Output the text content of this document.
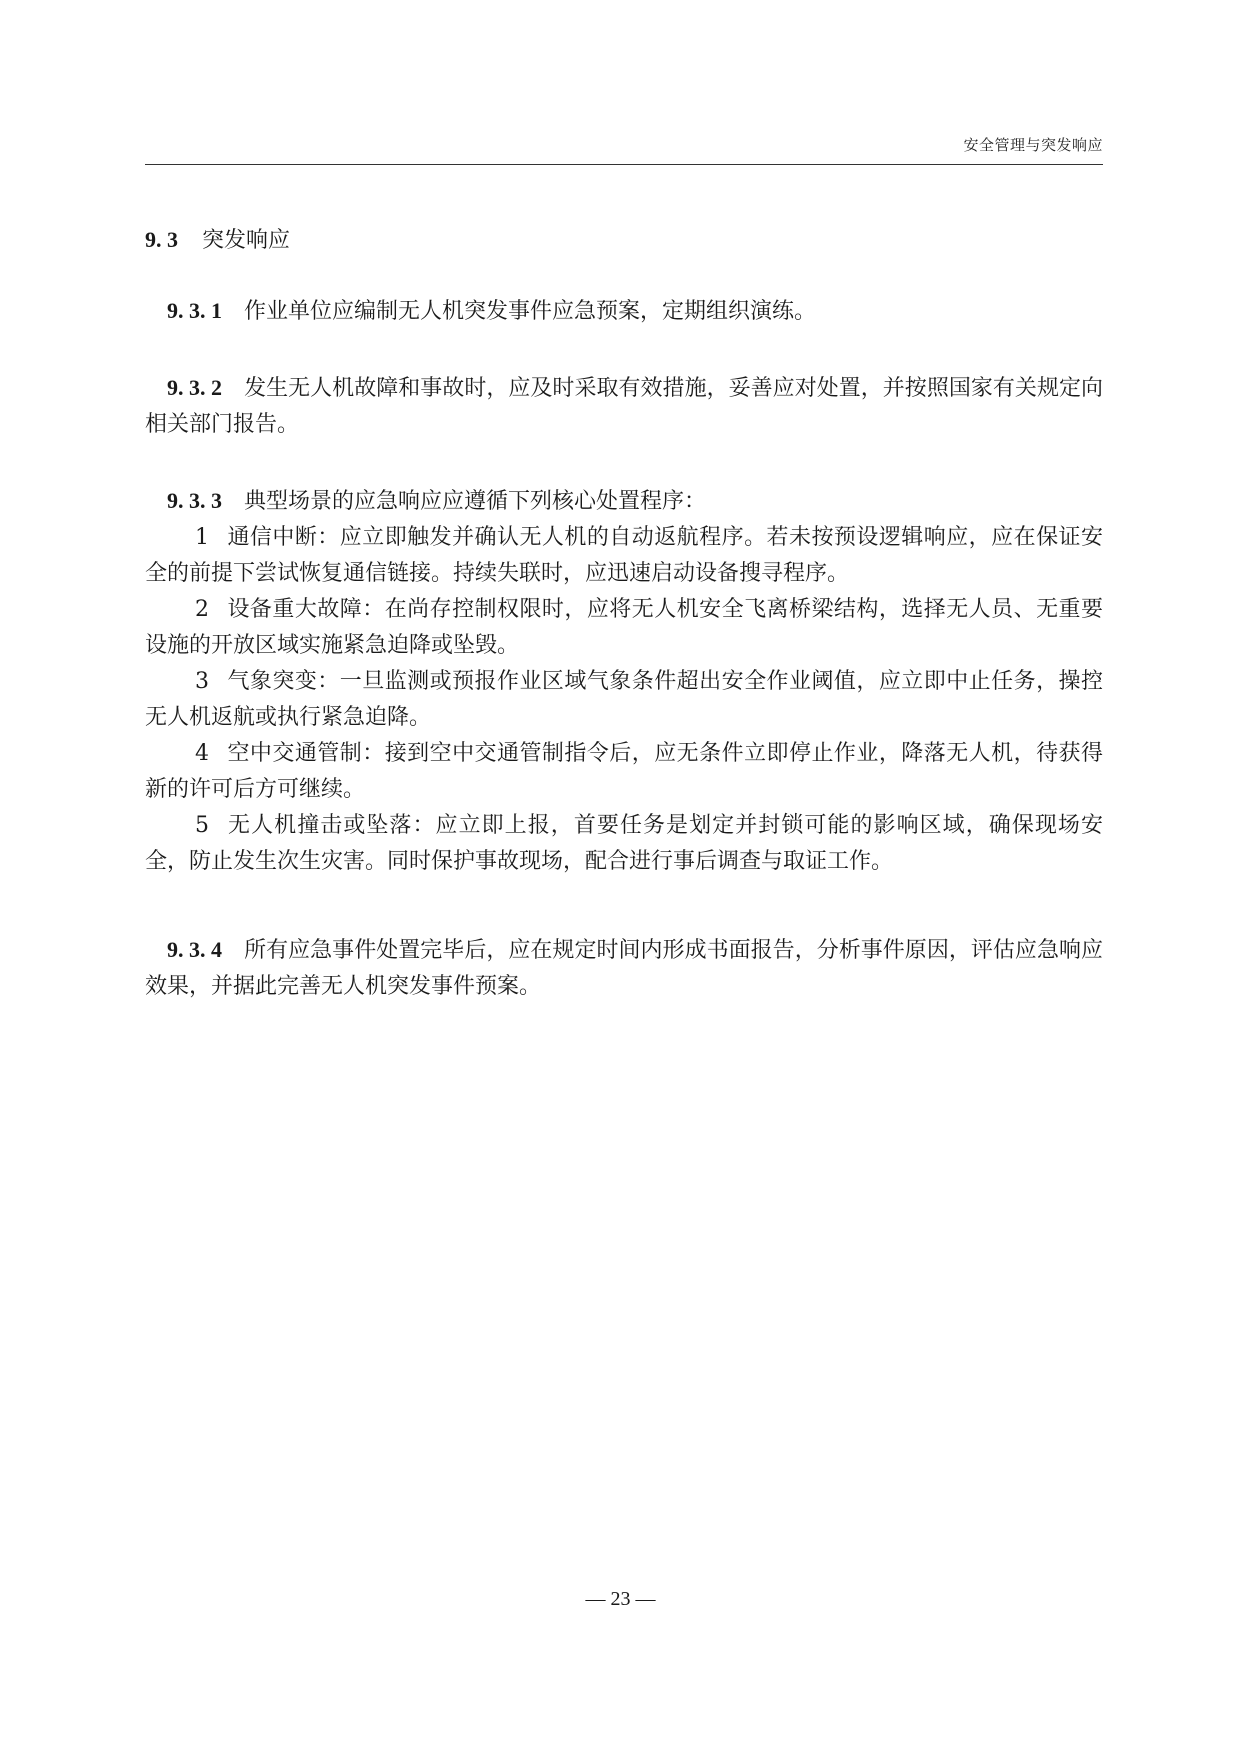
安全管理与突发响应
9. 3 突发响应

9. 3. 1 作业单位应编制无人机突发事件应急预案，定期组织演练。

9. 3. 2 发生无人机故障和事故时，应及时采取有效措施，妥善应对处置，并按照国家有关规定向相关部门报告。

9. 3. 3 典型场景的应急响应应遵循下列核心处置程序：

1 通信中断：应立即触发并确认无人机的自动返航程序。若未按预设逻辑响应，应在保证安全的前提下尝试恢复通信链接。持续失联时，应迅速启动设备搜寻程序。

2 设备重大故障：在尚存控制权限时，应将无人机安全飞离桥梁结构，选择无人员、无重要设施的开放区域实施紧急迫降或坠毁。

3 气象突变：一旦监测或预报作业区域气象条件超出安全作业阈值，应立即中止任务，操控无人机返航或执行紧急迫降。

4 空中交通管制：接到空中交通管制指令后，应无条件立即停止作业，降落无人机，待获得新的许可后方可继续。

5 无人机撞击或坠落：应立即上报，首要任务是划定并封锁可能的影响区域，确保现场安全，防止发生次生灾害。同时保护事故现场，配合进行事后调查与取证工作。

9. 3. 4 所有应急事件处置完毕后，应在规定时间内形成书面报告，分析事件原因，评估应急响应效果，并据此完善无人机突发事件预案。

— 23 —
